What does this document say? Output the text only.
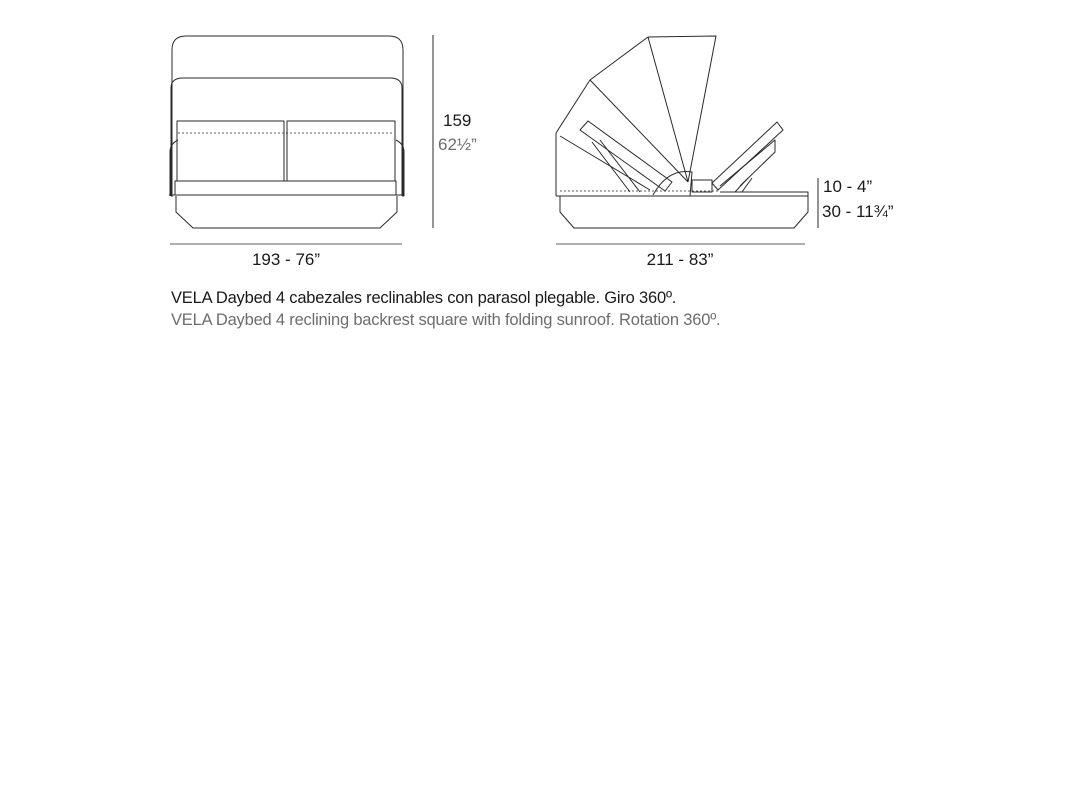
159
62½”
193 - 76”
10 - 4”
30 - 11¾”
211 - 83”
VELA Daybed 4 cabezales reclinables con parasol plegable. Giro 360º.
VELA Daybed 4 reclining backrest square with folding sunroof. Rotation 360º.
